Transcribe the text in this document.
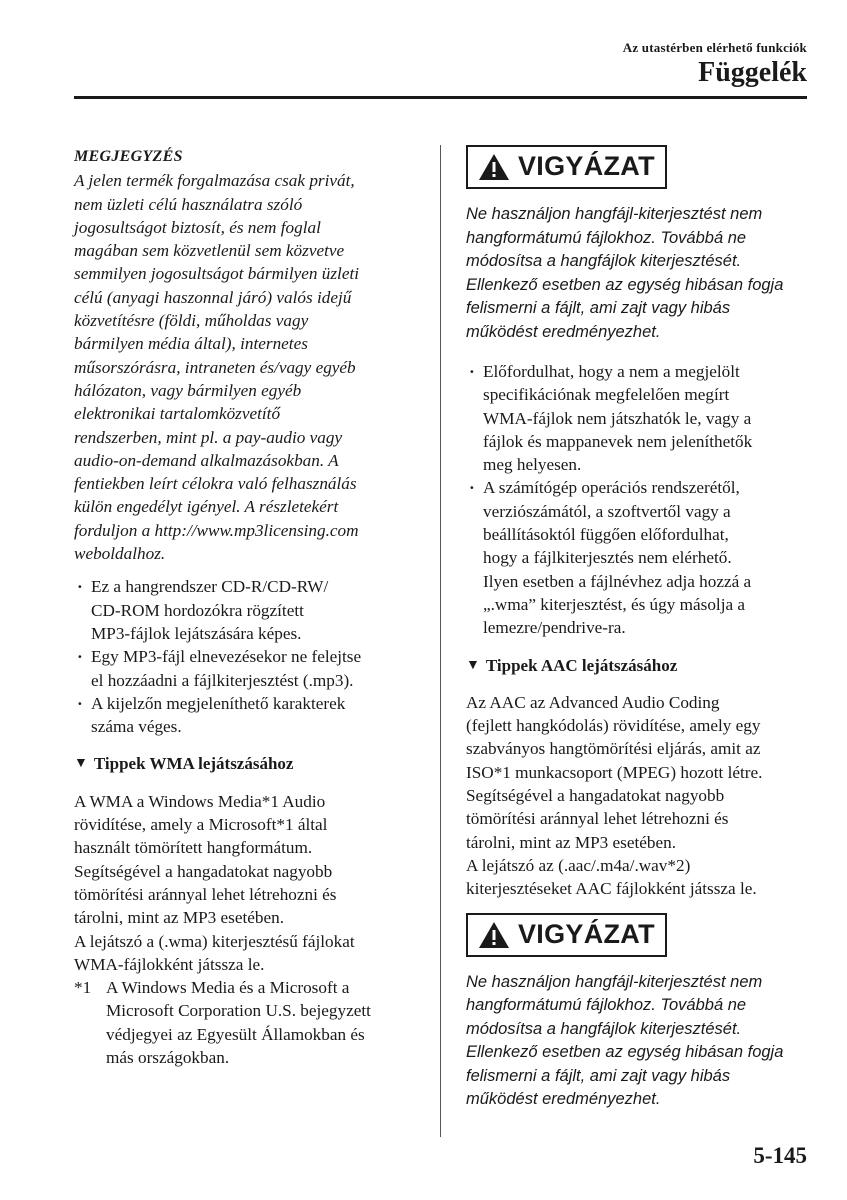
Az utastérben elérhető funkciók
Függelék

MEGJEGYZÉS

A jelen termék forgalmazása csak privát,
nem üzleti célú használatra szóló
jogosultságot biztosít, és nem foglal
magában sem közvetlenül sem közvetve
semmilyen jogosultságot bármilyen üzleti
célú (anyagi haszonnal járó) valós idejű
közvetítésre (földi, műholdas vagy
bármilyen média által), internetes
műsorszórásra, intraneten és/vagy egyéb
hálózaton, vagy bármilyen egyéb
elektronikai tartalomközvetítő
rendszerben, mint pl. a pay-audio vagy
audio-on-demand alkalmazásokban. A
fentiekben leírt célokra való felhasználás
külön engedélyt igényel. A részletekért
forduljon a http://www.mp3licensing.com
weboldalhoz.

· Ez a hangrendszer CD-R/CD-RW/
CD-ROM hordozókra rögzített
MP3-fájlok lejátszására képes.
· Egy MP3-fájl elnevezésekor ne felejtse
el hozzáadni a fájlkiterjesztést (.mp3).
· A kijelzőn megjeleníthető karakterek
száma véges.

▼ Tippek WMA lejátszásához

A WMA a Windows Media*1 Audio
rövidítése, amely a Microsoft*1 által
használt tömörített hangformátum.
Segítségével a hangadatokat nagyobb
tömörítési aránnyal lehet létrehozni és
tárolni, mint az MP3 esetében.
A lejátszó a (.wma) kiterjesztésű fájlokat
WMA-fájlokként játssza le.

*1 A Windows Media és a Microsoft a
Microsoft Corporation U.S. bejegyzett
védjegyei az Egyesült Államokban és
más országokban.
VIGYÁZAT

Ne használjon hangfájl-kiterjesztést nem
hangformátumú fájlokhoz. Továbbá ne
módosítsa a hangfájlok kiterjesztését.
Ellenkező esetben az egység hibásan fogja
felismerni a fájlt, ami zajt vagy hibás
működést eredményezhet.

· Előfordulhat, hogy a nem a megjelölt
specifikációnak megfelelően megírt
WMA-fájlok nem játszhatók le, vagy a
fájlok és mappanevek nem jeleníthetők
meg helyesen.
· A számítógép operációs rendszerétől,
verziószámától, a szoftvertől vagy a
beállításoktól függően előfordulhat,
hogy a fájlkiterjesztés nem elérhető.
Ilyen esetben a fájlnévhez adja hozzá a
„.wma” kiterjesztést, és úgy másolja a
lemezre/pendrive-ra.

▼ Tippek AAC lejátszásához

Az AAC az Advanced Audio Coding
(fejlett hangkódolás) rövidítése, amely egy
szabványos hangtömörítési eljárás, amit az
ISO*1 munkacsoport (MPEG) hozott létre.
Segítségével a hangadatokat nagyobb
tömörítési aránnyal lehet létrehozni és
tárolni, mint az MP3 esetében.
A lejátszó az (.aac/.m4a/.wav*2)
kiterjesztéseket AAC fájlokként játssza le.

VIGYÁZAT

Ne használjon hangfájl-kiterjesztést nem
hangformátumú fájlokhoz. Továbbá ne
módosítsa a hangfájlok kiterjesztését.
Ellenkező esetben az egység hibásan fogja
felismerni a fájlt, ami zajt vagy hibás
működést eredményezhet.

5-145
